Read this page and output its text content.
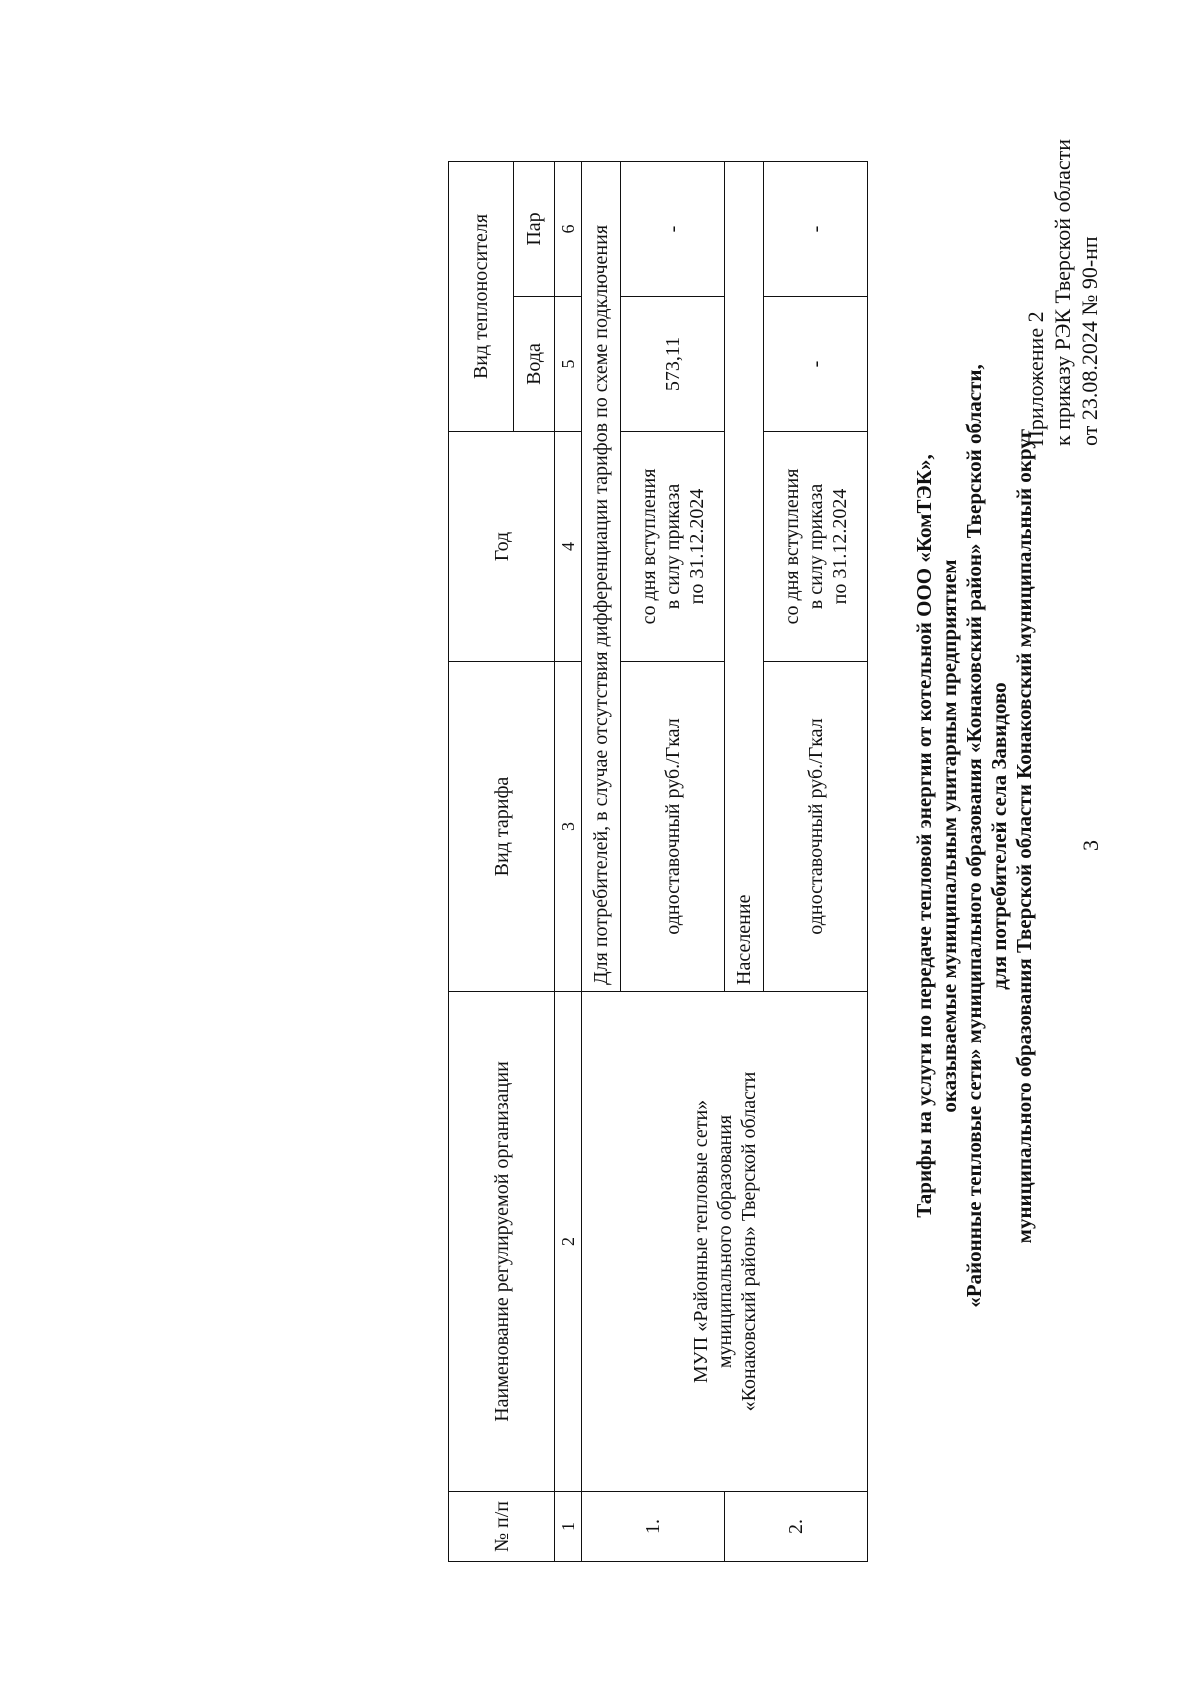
3
Приложение 2 к приказу РЭК Тверской области от 23.08.2024 № 90-нп
Тарифы на услуги по передаче тепловой энергии от котельной ООО «КомТЭК», оказываемые муниципальным унитарным предприятием «Районные тепловые сети» муниципального образования «Конаковский район» Тверской области, для потребителей села Завидово муниципального образования Тверской области Конаковский муниципальный округ
№ п/п	Наименование регулируемой организации	Вид тарифа	Год	Вид теплоносителя	
				Вода	Пар
1	2	3	4	5	6
1.	МУП «Районные тепловые сети» муниципального образования «Конаковский район» Тверской области	Для потребителей, в случае отсутствия дифференциации тарифов по схеме подключения			
		одноставочный руб./Гкал	со дня вступления в силу приказа по 31.12.2024	573,11	-
2.		Население			
		одноставочный руб./Гкал	со дня вступления в силу приказа по 31.12.2024	-	-
